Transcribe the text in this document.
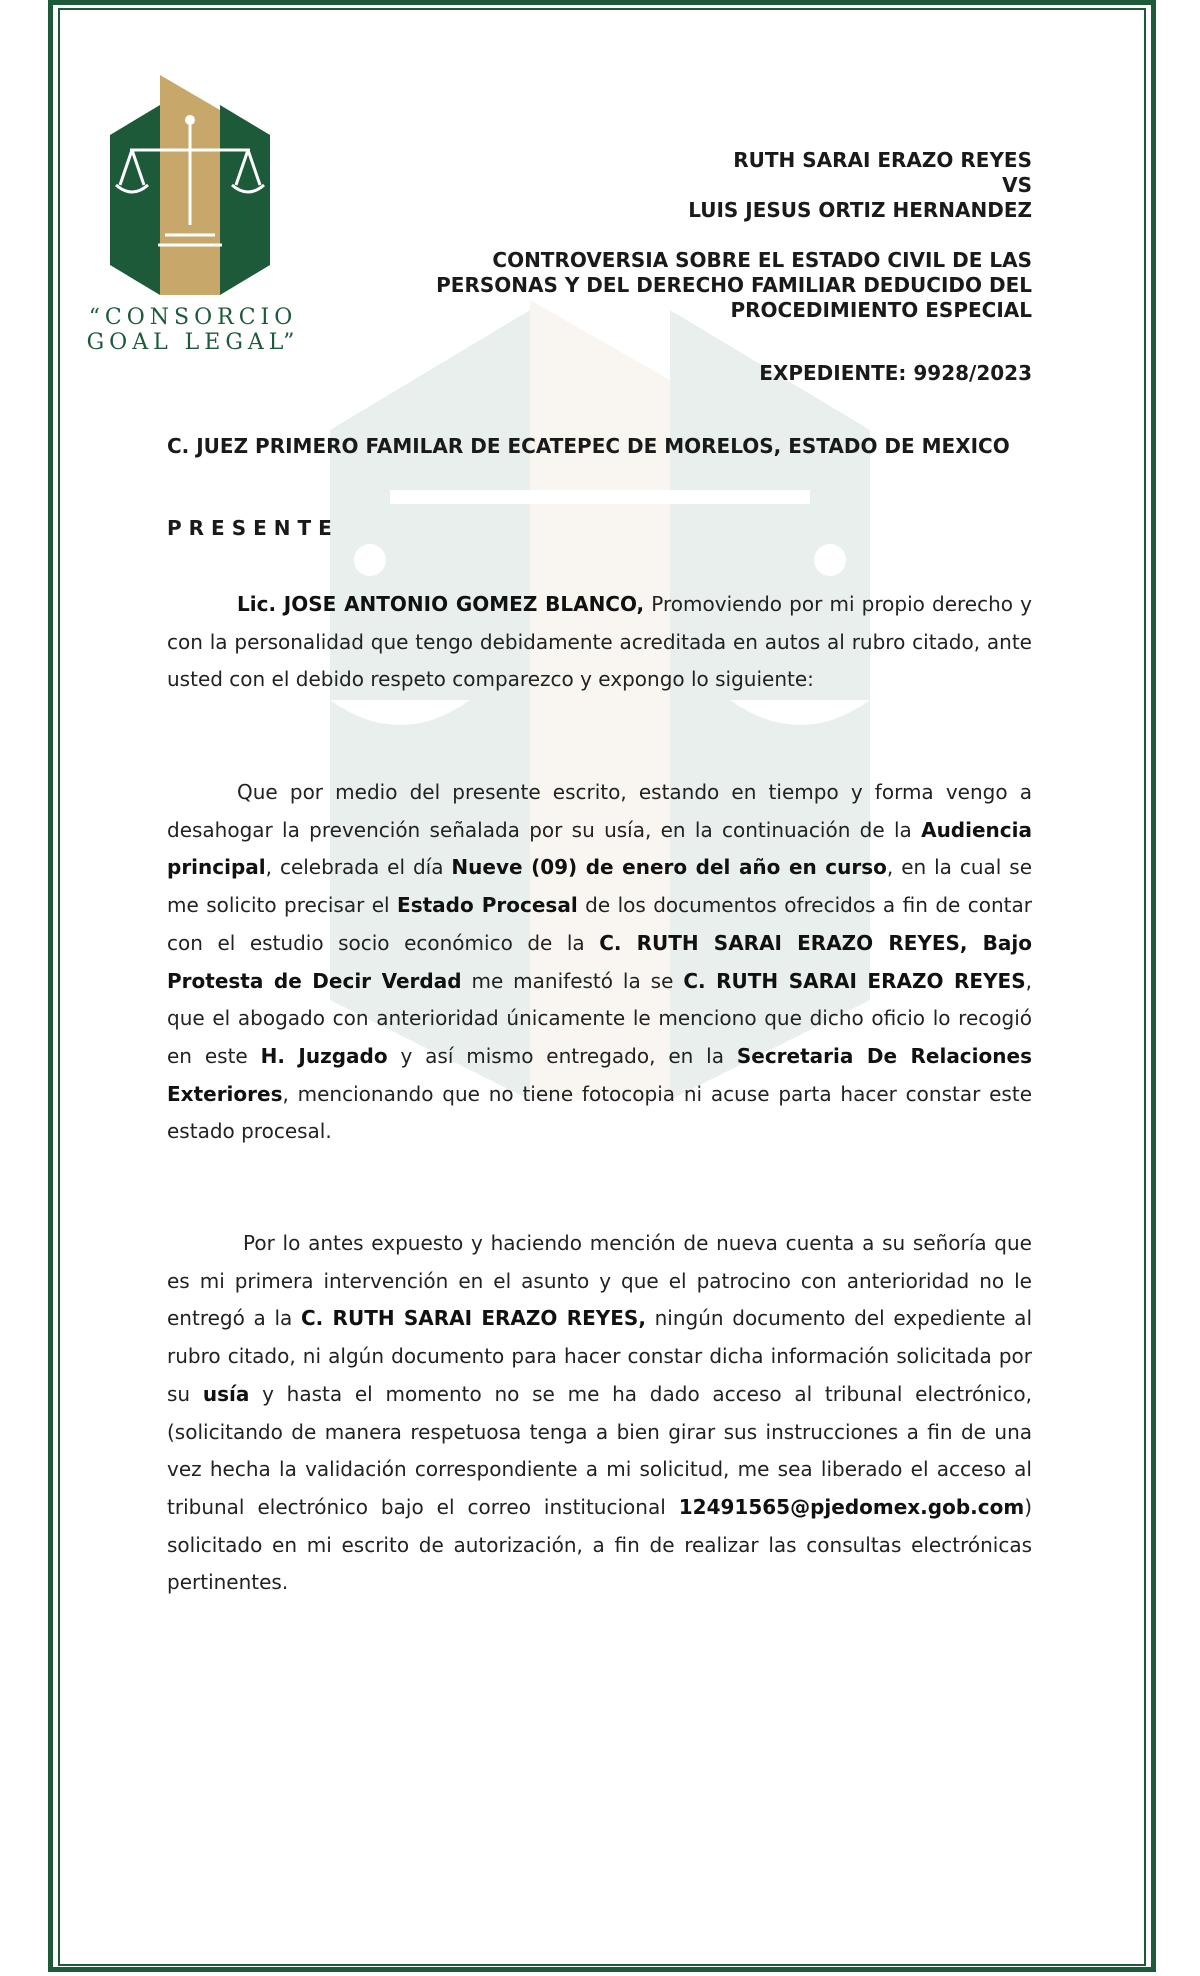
“CONSORCIO
GOAL LEGAL”
RUTH SARAI ERAZO REYES
VS
LUIS JESUS ORTIZ HERNANDEZ
CONTROVERSIA SOBRE EL ESTADO CIVIL DE LAS
PERSONAS Y DEL DERECHO FAMILIAR DEDUCIDO DEL
PROCEDIMIENTO ESPECIAL
EXPEDIENTE: 9928/2023
C. JUEZ PRIMERO FAMILAR DE ECATEPEC DE MORELOS, ESTADO DE MEXICO
PRESENTE
Lic. JOSE ANTONIO GOMEZ BLANCO, Promoviendo por mi propio derecho y con la personalidad que tengo debidamente acreditada en autos al rubro citado, ante usted con el debido respeto comparezco y expongo lo siguiente:
Que por medio del presente escrito, estando en tiempo y forma vengo a desahogar la prevención señalada por su usía, en la continuación de la Audiencia principal, celebrada el día Nueve (09) de enero del año en curso, en la cual se me solicito precisar el Estado Procesal de los documentos ofrecidos a fin de contar con el estudio socio económico de la C. RUTH SARAI ERAZO REYES, Bajo Protesta de Decir Verdad me manifestó la se C. RUTH SARAI ERAZO REYES, que el abogado con anterioridad únicamente le menciono que dicho oficio lo recogió en este H. Juzgado y así mismo entregado, en la Secretaria De Relaciones Exteriores, mencionando que no tiene fotocopia ni acuse parta hacer constar este estado procesal.
Por lo antes expuesto y haciendo mención de nueva cuenta a su señoría que es mi primera intervención en el asunto y que el patrocino con anterioridad no le entregó a la C. RUTH SARAI ERAZO REYES, ningún documento del expediente al rubro citado, ni algún documento para hacer constar dicha información solicitada por su usía y hasta el momento no se me ha dado acceso al tribunal electrónico,(solicitando de manera respetuosa tenga a bien girar sus instrucciones a fin de una vez hecha la validación correspondiente a mi solicitud, me sea liberado el acceso al tribunal electrónico bajo el correo institucional 12491565@pjedomex.gob.com) solicitado en mi escrito de autorización, a fin de realizar las consultas electrónicas pertinentes.
